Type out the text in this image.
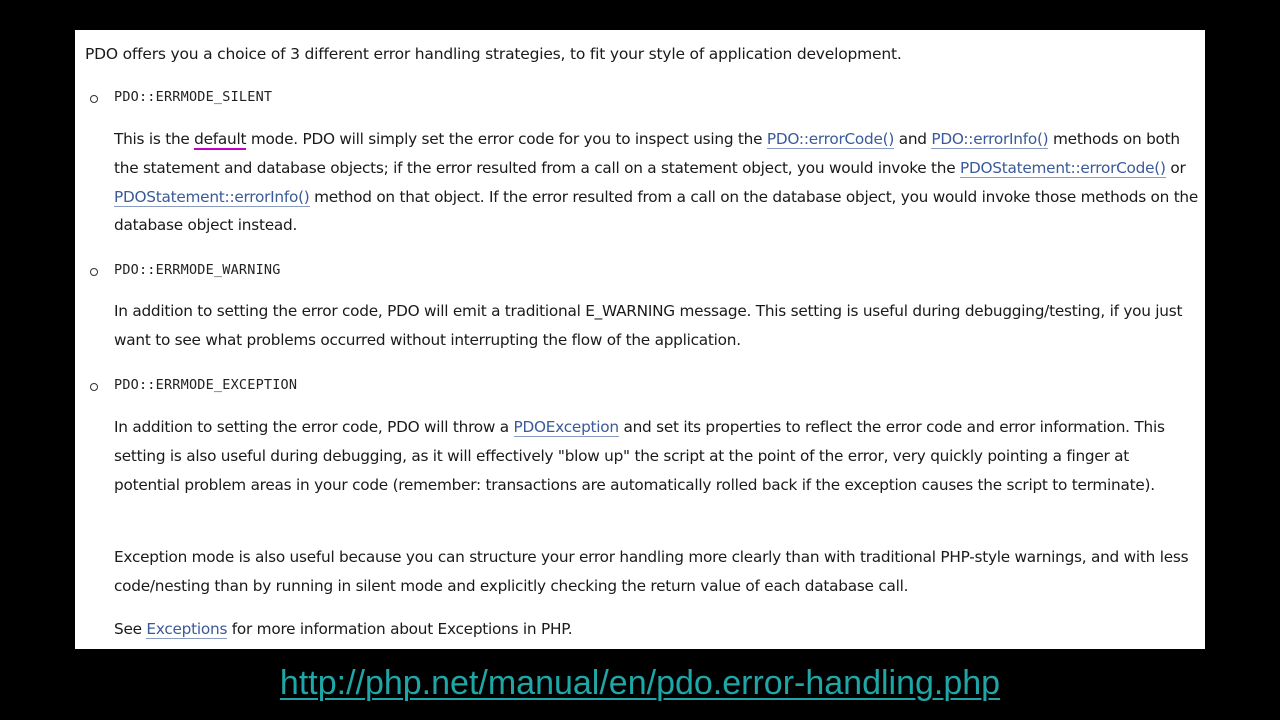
PDO offers you a choice of 3 different error handling strategies, to fit your style of application development.

PDO::ERRMODE_SILENT

This is the default mode. PDO will simply set the error code for you to inspect using the PDO::errorCode() and PDO::errorInfo() methods on both the statement and database objects; if the error resulted from a call on a statement object, you would invoke the PDOStatement::errorCode() or PDOStatement::errorInfo() method on that object. If the error resulted from a call on the database object, you would invoke those methods on the database object instead.

PDO::ERRMODE_WARNING

In addition to setting the error code, PDO will emit a traditional E_WARNING message. This setting is useful during debugging/testing, if you just want to see what problems occurred without interrupting the flow of the application.

PDO::ERRMODE_EXCEPTION

In addition to setting the error code, PDO will throw a PDOException and set its properties to reflect the error code and error information. This setting is also useful during debugging, as it will effectively "blow up" the script at the point of the error, very quickly pointing a finger at potential problem areas in your code (remember: transactions are automatically rolled back if the exception causes the script to terminate).

Exception mode is also useful because you can structure your error handling more clearly than with traditional PHP-style warnings, and with less code/nesting than by running in silent mode and explicitly checking the return value of each database call.

See Exceptions for more information about Exceptions in PHP.

http://php.net/manual/en/pdo.error-handling.php
